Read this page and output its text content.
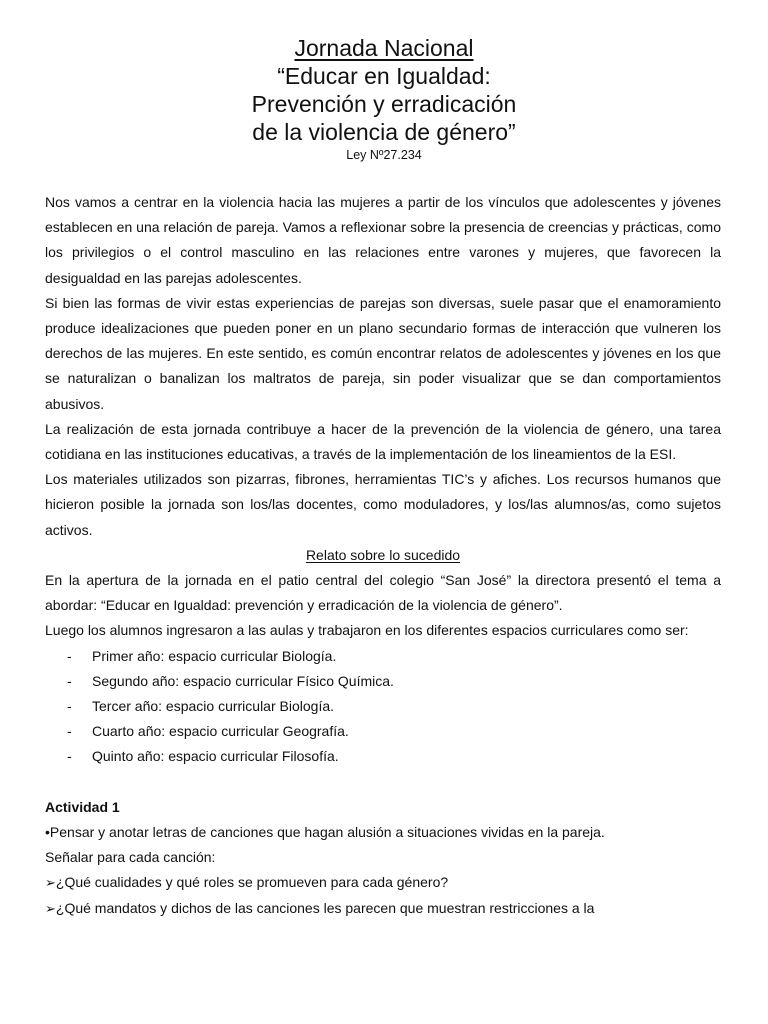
Jornada Nacional

“Educar en Igualdad:

Prevención y erradicación

de la violencia de género”

Ley Nº27.234

Nos vamos a centrar en la violencia hacia las mujeres a partir de los vínculos que adolescentes y jóvenes establecen en una relación de pareja. Vamos a reflexionar sobre la presencia de creencias y prácticas, como los privilegios o el control masculino en las relaciones entre varones y mujeres, que favorecen la desigualdad en las parejas adolescentes.

Si bien las formas de vivir estas experiencias de parejas son diversas, suele pasar que el enamoramiento produce idealizaciones que pueden poner en un plano secundario formas de interacción que vulneren los derechos de las mujeres. En este sentido, es común encontrar relatos de adolescentes y jóvenes en los que se naturalizan o banalizan los maltratos de pareja, sin poder visualizar que se dan comportamientos abusivos.

La realización de esta jornada contribuye a hacer de la prevención de la violencia de género, una tarea cotidiana en las instituciones educativas, a través de la implementación de los lineamientos de la ESI.

Los materiales utilizados son pizarras, fibrones, herramientas TIC’s y afiches. Los recursos humanos que hicieron posible la jornada son los/las docentes, como moduladores, y los/las alumnos/as, como sujetos activos.

Relato sobre lo sucedido

En la apertura de la jornada en el patio central del colegio “San José” la directora presentó el tema a abordar: “Educar en Igualdad: prevención y erradicación de la violencia de género”.

Luego los alumnos ingresaron a las aulas y trabajaron en los diferentes espacios curriculares como ser:

-	Primer año: espacio curricular Biología.
-	Segundo año: espacio curricular Físico Química.
-	Tercer año: espacio curricular Biología.
-	Cuarto año: espacio curricular Geografía.
-	Quinto año: espacio curricular Filosofía.

Actividad 1

•Pensar y anotar letras de canciones que hagan alusión a situaciones vividas en la pareja.

Señalar para cada canción:

➢¿Qué cualidades y qué roles se promueven para cada género?

➢¿Qué mandatos y dichos de las canciones les parecen que muestran restricciones a la
